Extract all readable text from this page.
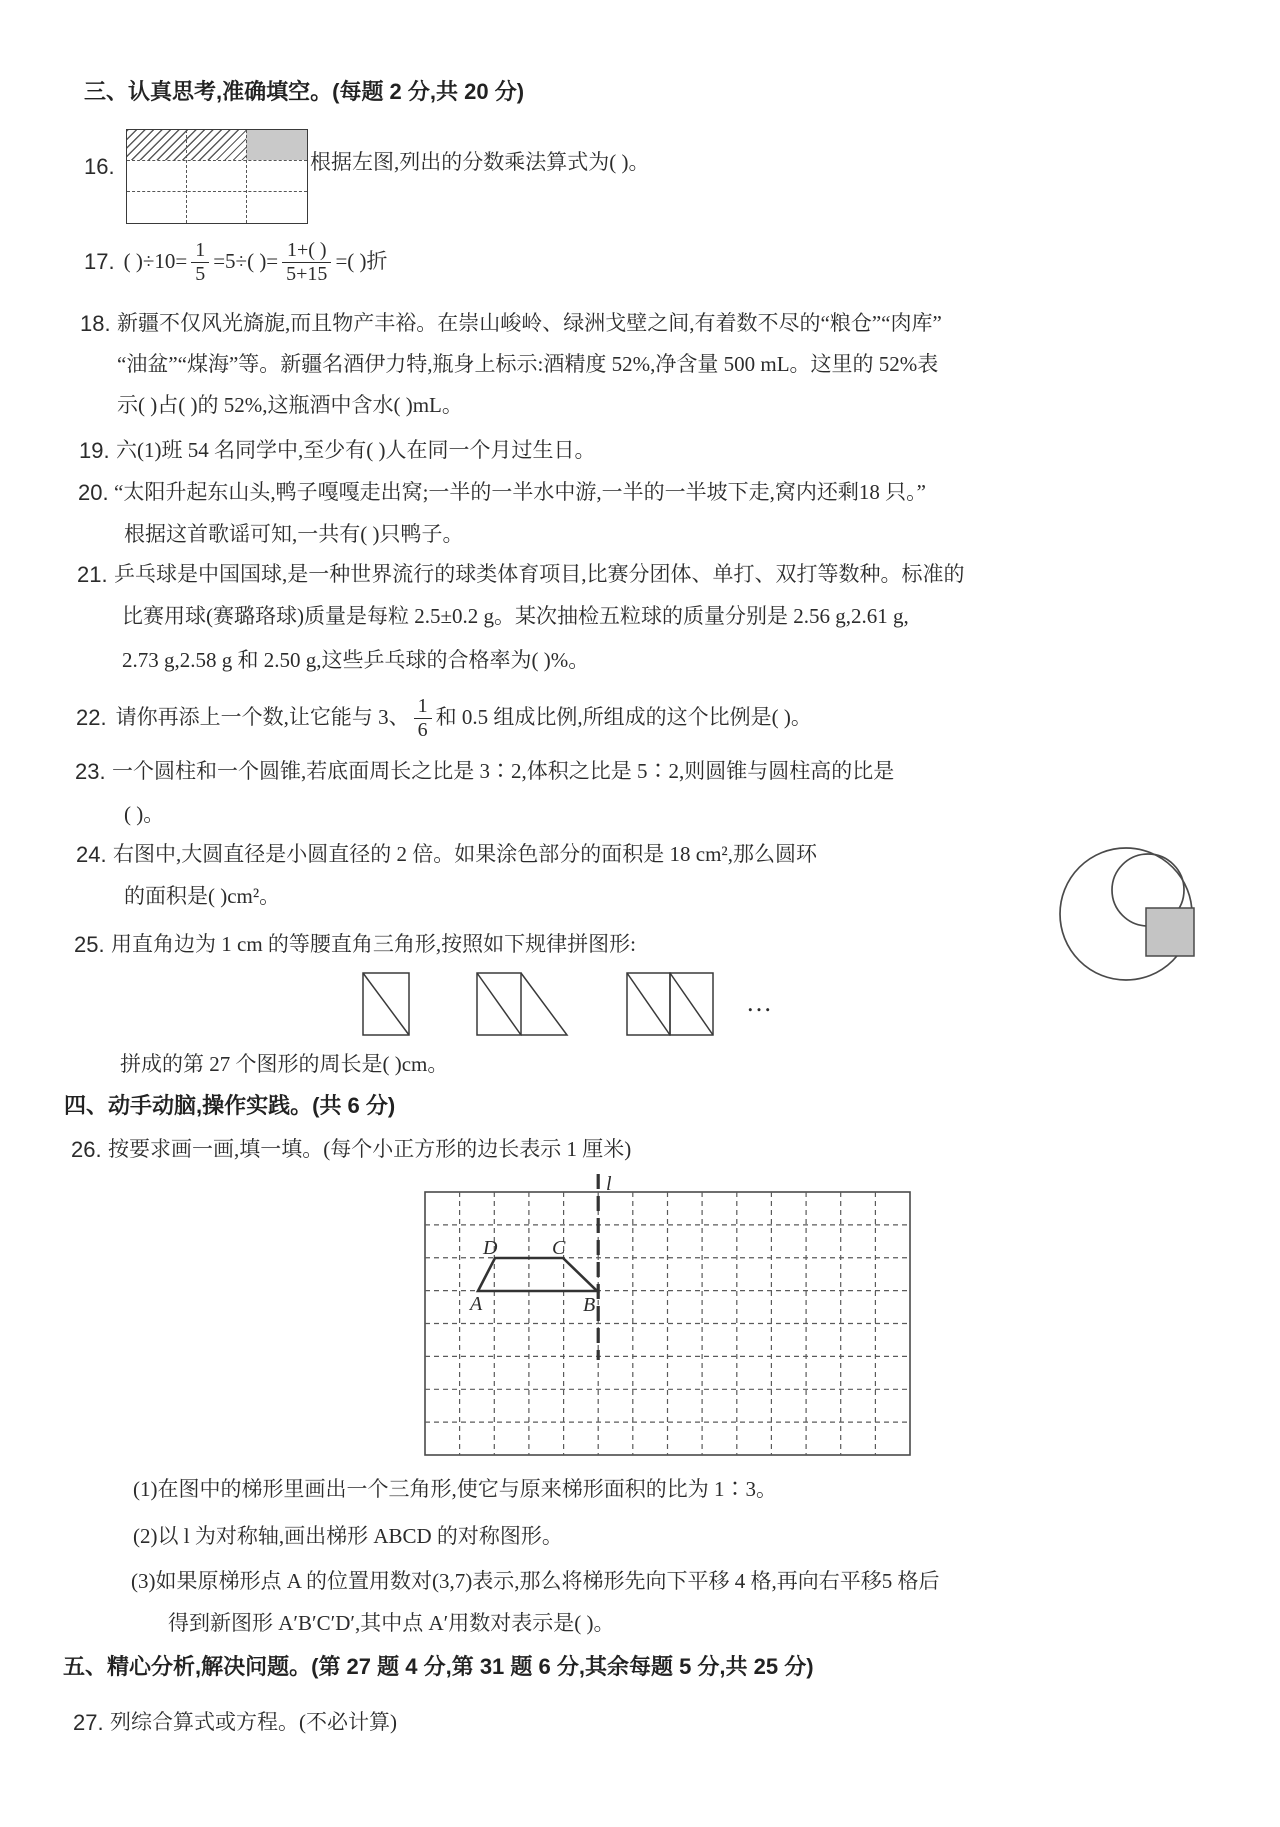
三、认真思考,准确填空。(每题 2 分,共 20 分)
16.	根据左图,列出的分数乘法算式为( )。
17. ( )$\div 10= \frac{1}{5} =5\div$( )= $\frac{1+( )}{5+15}$ =( )折
18. 新疆不仅风光旖旎,而且物产丰裕。在崇山峻岭、绿洲戈壁之间,有着数不尽的“粮仓”“肉库”
“油盆”“煤海”等。新疆名酒伊力特,瓶身上标示:酒精度 52%,净含量 500 mL。这里的 52%表
示( )占( )的 52%,这瓶酒中含水( )mL。
19. 六(1)班 54 名同学中,至少有( )人在同一个月过生日。
20. “太阳升起东山头,鸭子嘎嘎走出窝;一半的一半水中游,一半的一半坡下走,窝内还剩18 只。”
根据这首歌谣可知,一共有( )只鸭子。
21. 乒乓球是中国国球,是一种世界流行的球类体育项目,比赛分团体、单打、双打等数种。标准的
比赛用球(赛璐珞球)质量是每粒 2.5±0.2 g。某次抽检五粒球的质量分别是 2.56 g,2.61 g,
2.73 g,2.58 g 和 2.50 g,这些乒乓球的合格率为( )%。
22. 请你再添上一个数,让它能与 3、 $\frac{1}{6}$ 和 0.5 组成比例,所组成的这个比例是( )。
23. 一个圆柱和一个圆锥,若底面周长之比是 3∶2,体积之比是 5∶2,则圆锥与圆柱高的比是
( )。
24. 右图中,大圆直径是小圆直径的 2 倍。如果涂色部分的面积是 18 cm²,那么圆环
的面积是( )cm²。
25. 用直角边为 1 cm 的等腰直角三角形,按照如下规律拼图形:
…
拼成的第 27 个图形的周长是( )cm。
四、动手动脑,操作实践。(共 6 分)
26. 按要求画一画,填一填。(每个小正方形的边长表示 1 厘米)
l
D	C
A	B
(1)在图中的梯形里画出一个三角形,使它与原来梯形面积的比为 1∶3。
(2)以 l 为对称轴,画出梯形 ABCD 的对称图形。
(3)如果原梯形点 A 的位置用数对(3,7)表示,那么将梯形先向下平移 4 格,再向右平移5 格后
得到新图形 A′B′C′D′,其中点 A′用数对表示是( )。
五、精心分析,解决问题。(第 27 题 4 分,第 31 题 6 分,其余每题 5 分,共 25 分)
27. 列综合算式或方程。(不必计算)
